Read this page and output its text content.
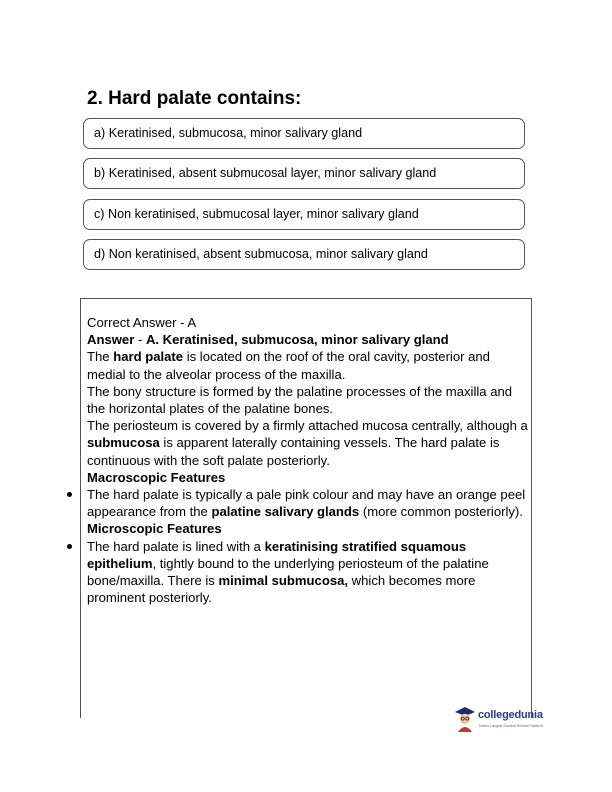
2. Hard palate contains:
a) Keratinised, submucosa, minor salivary gland
b) Keratinised, absent submucosal layer, minor salivary gland
c) Non keratinised, submucosal layer, minor salivary gland
d) Non keratinised, absent submucosa, minor salivary gland

Correct Answer - A

Answer - A. Keratinised, submucosa, minor salivary gland

The hard palate is located on the roof of the oral cavity, posterior and medial to the alveolar process of the maxilla.

The bony structure is formed by the palatine processes of the maxilla and the horizontal plates of the palatine bones.

The periosteum is covered by a firmly attached mucosa centrally, although a submucosa is apparent laterally containing vessels. The hard palate is continuous with the soft palate posteriorly.

Macroscopic Features

The hard palate is typically a pale pink colour and may have an orange peel appearance from the palatine salivary glands (more common posteriorly).

Microscopic Features

The hard palate is lined with a keratinising stratified squamous epithelium, tightly bound to the underlying periosteum of the palatine bone/maxilla. There is minimal submucosa, which becomes more prominent posteriorly.

collegedunia
India's Largest Student Review Platform
